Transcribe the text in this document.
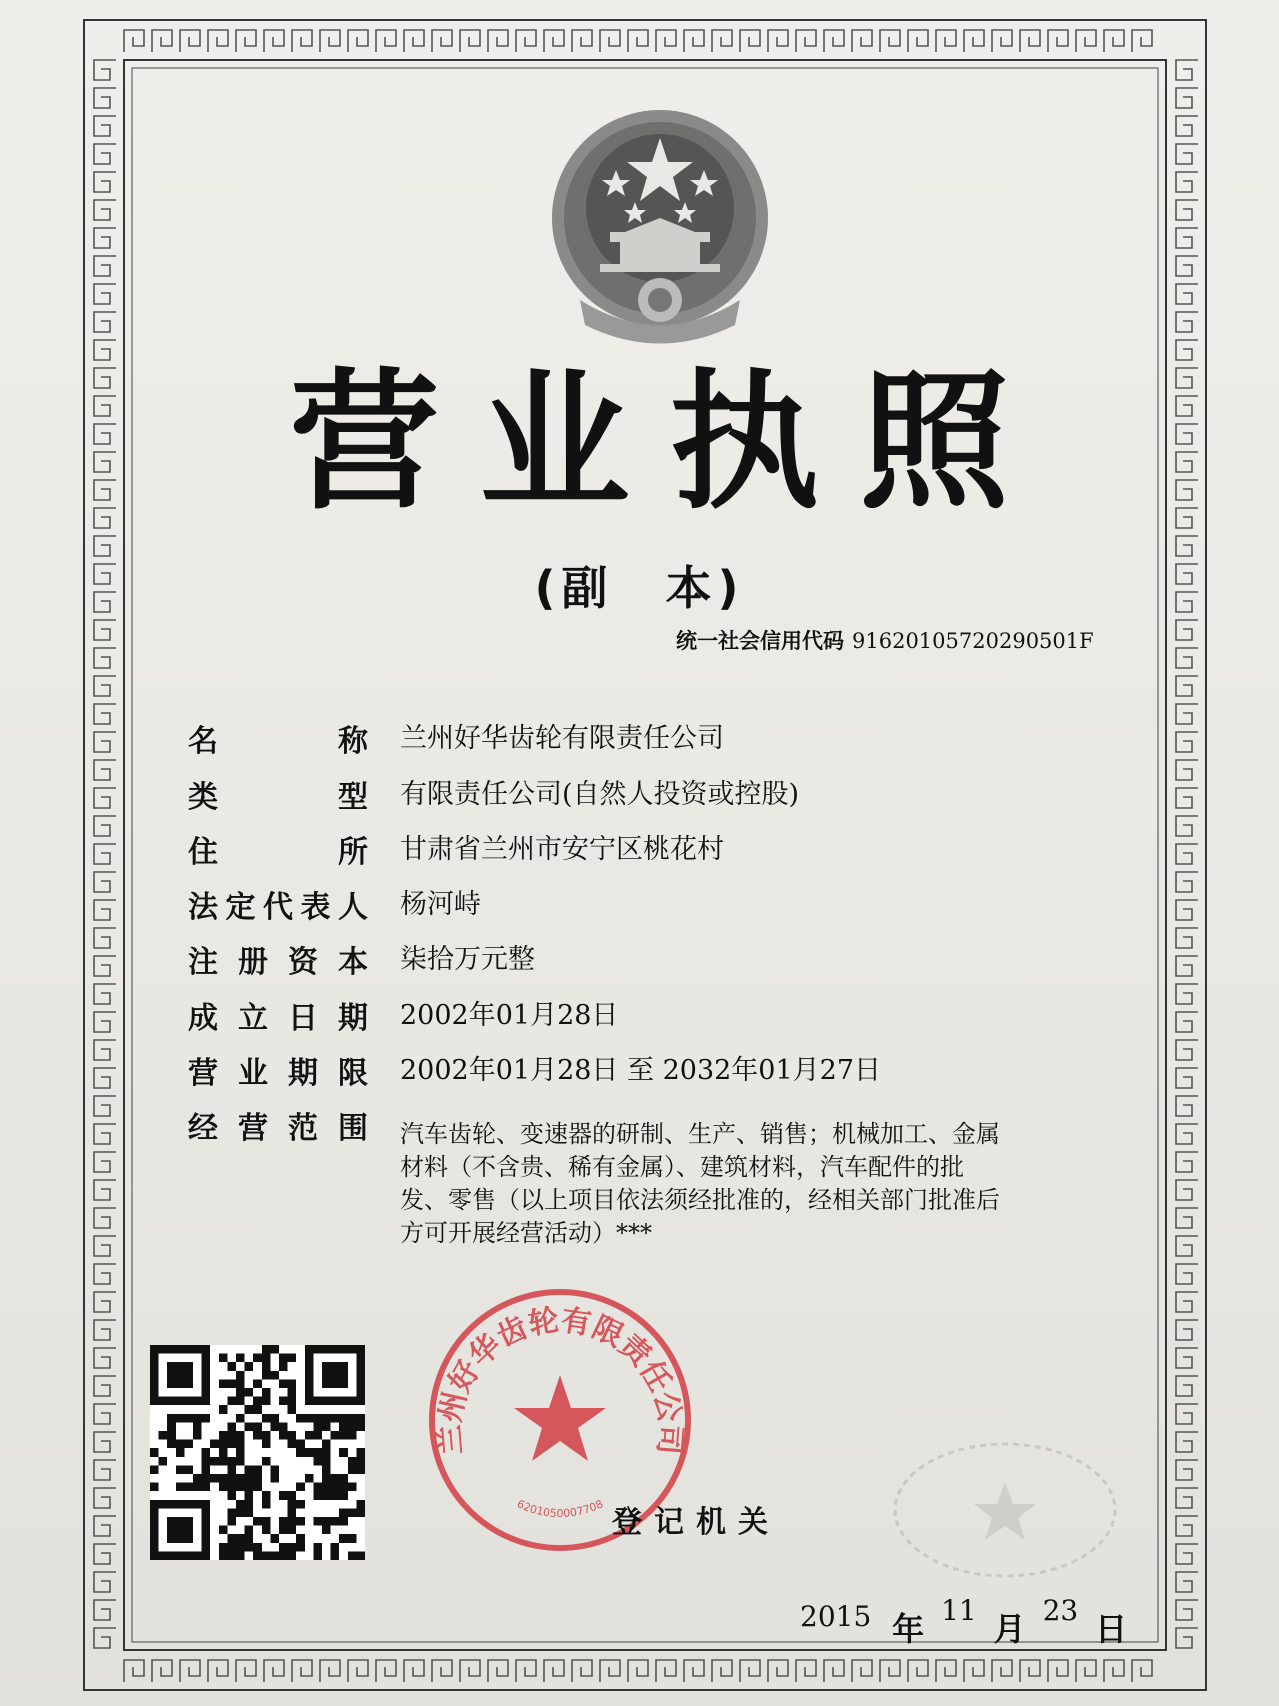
营业执照
(副　本)
统一社会信用代码 91620105720290501F
名	称 兰州好华齿轮有限责任公司
类	型 有限责任公司(自然人投资或控股)
住	所 甘肃省兰州市安宁区桃花村
法 定 代 表 人 杨河峙
注 册 资 本 柒拾万元整
成 立 日 期 2002年01月28日
营 业 期 限 2002年01月28日 至 2032年01月27日
经 营 范 围 汽车齿轮、变速器的研制、生产、销售；机械加工、金属
材料（不含贵、稀有金属）、建筑材料，汽车配件的批
发、零售（以上项目依法须经批准的，经相关部门批准后
方可开展经营活动）***
兰州好华齿轮有限责任公司
6201050007708
登记机关
2015 年 11 月 23 日
